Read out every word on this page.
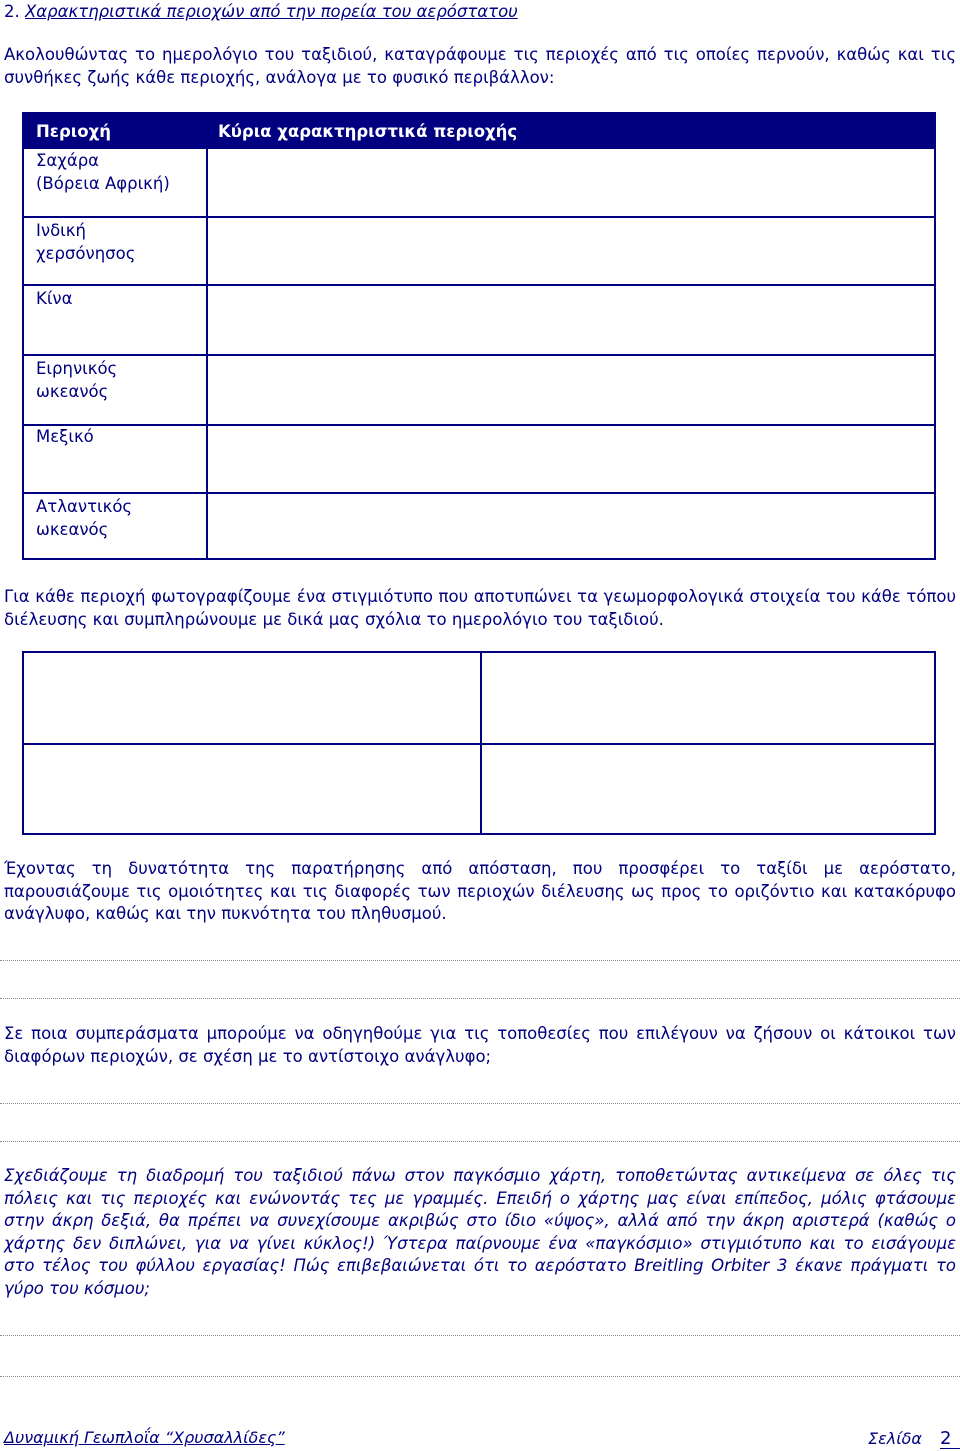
2. Χαρακτηριστικά περιοχών από την πορεία του αερόστατου
Ακολουθώντας το ημερολόγιο του ταξιδιού, καταγράφουμε τις περιοχές από τις οποίες περνούν, καθώς και τις συνθήκες ζωής κάθε περιοχής, ανάλογα με το φυσικό περιβάλλον:
Περιοχή	Κύρια χαρακτηριστικά περιοχής
Σαχάρα
(Βόρεια Αφρική)
Ινδική
χερσόνησος
Κίνα
Ειρηνικός
ωκεανός
Μεξικό
Ατλαντικός
ωκεανός
Για κάθε περιοχή φωτογραφίζουμε ένα στιγμιότυπο που αποτυπώνει τα γεωμορφολογικά στοιχεία του κάθε τόπου διέλευσης και συμπληρώνουμε με δικά μας σχόλια το ημερολόγιο του ταξιδιού.
Έχοντας τη δυνατότητα της παρατήρησης από απόσταση, που προσφέρει το ταξίδι με αερόστατο, παρουσιάζουμε τις ομοιότητες και τις διαφορές των περιοχών διέλευσης ως προς το οριζόντιο και κατακόρυφο ανάγλυφο, καθώς και την πυκνότητα του πληθυσμού.
Σε ποια συμπεράσματα μπορούμε να οδηγηθούμε για τις τοποθεσίες που επιλέγουν να ζήσουν οι κάτοικοι των διαφόρων περιοχών, σε σχέση με το αντίστοιχο ανάγλυφο;
Σχεδιάζουμε τη διαδρομή του ταξιδιού πάνω στον παγκόσμιο χάρτη, τοποθετώντας αντικείμενα σε όλες τις πόλεις και τις περιοχές και ενώνοντάς τες με γραμμές. Επειδή ο χάρτης μας είναι επίπεδος, μόλις φτάσουμε στην άκρη δεξιά, θα πρέπει να συνεχίσουμε ακριβώς στο ίδιο «ύψος», αλλά από την άκρη αριστερά (καθώς ο χάρτης δεν διπλώνει, για να γίνει κύκλος!) Ύστερα παίρνουμε ένα «παγκόσμιο» στιγμιότυπο και το εισάγουμε στο τέλος του φύλλου εργασίας! Πώς επιβεβαιώνεται ότι το αερόστατο Breitling Orbiter 3 έκανε πράγματι το γύρο του κόσμου;
Δυναμική Γεωπλοΐα “Χρυσαλλίδες”	Σελίδα 2
